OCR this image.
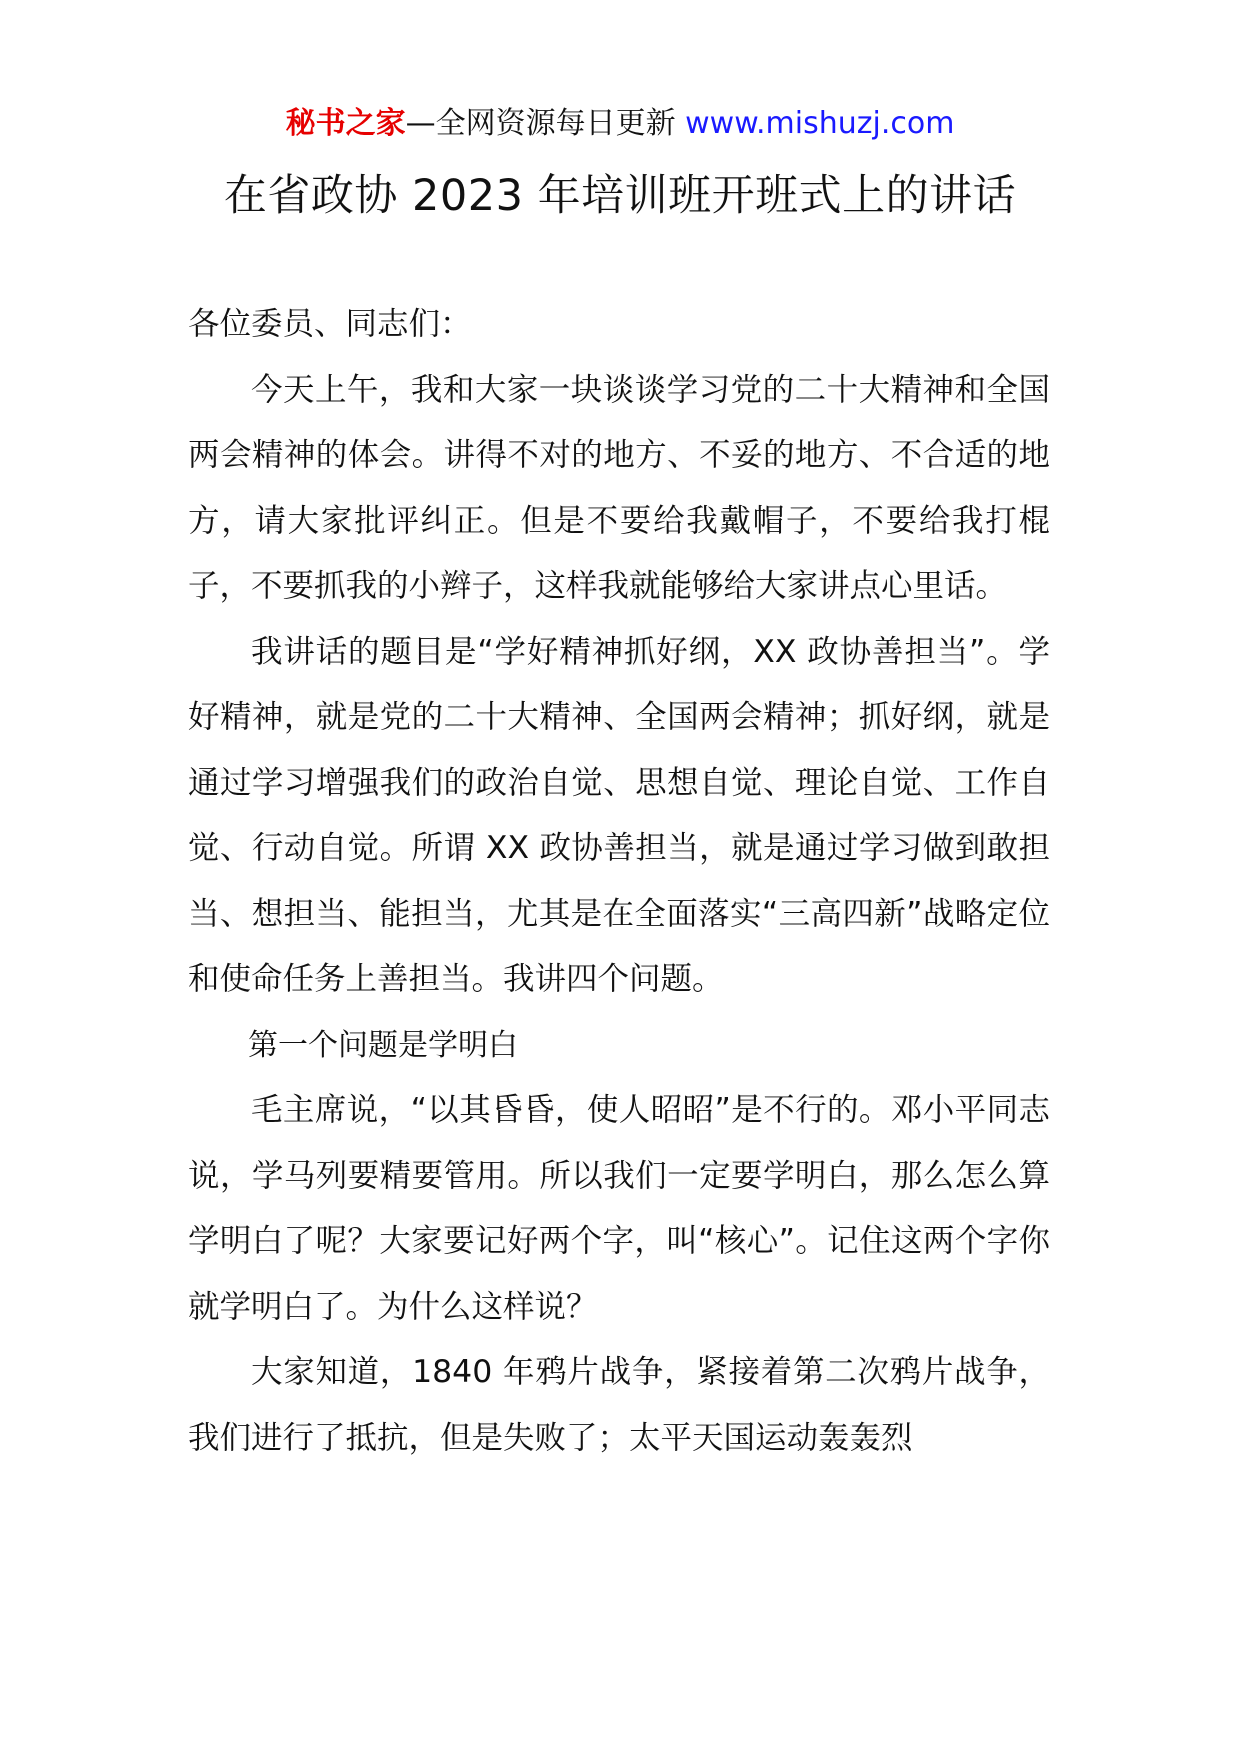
秘书之家—全网资源每日更新 www.mishuzj.com
在省政协 2023 年培训班开班式上的讲话

各位委员、同志们：

今天上午，我和大家一块谈谈学习党的二十大精神和全国两会精神的体会。讲得不对的地方、不妥的地方、不合适的地方，请大家批评纠正。但是不要给我戴帽子，不要给我打棍子，不要抓我的小辫子，这样我就能够给大家讲点心里话。

我讲话的题目是“学好精神抓好纲，XX 政协善担当”。学好精神，就是党的二十大精神、全国两会精神；抓好纲，就是通过学习增强我们的政治自觉、思想自觉、理论自觉、工作自觉、行动自觉。所谓 XX 政协善担当，就是通过学习做到敢担当、想担当、能担当，尤其是在全面落实“三高四新”战略定位和使命任务上善担当。我讲四个问题。

第一个问题是学明白

毛主席说，“以其昏昏，使人昭昭”是不行的。邓小平同志说，学马列要精要管用。所以我们一定要学明白，那么怎么算学明白了呢？大家要记好两个字，叫“核心”。记住这两个字你就学明白了。为什么这样说？

大家知道，1840 年鸦片战争，紧接着第二次鸦片战争，我们进行了抵抗，但是失败了；太平天国运动轰轰烈
